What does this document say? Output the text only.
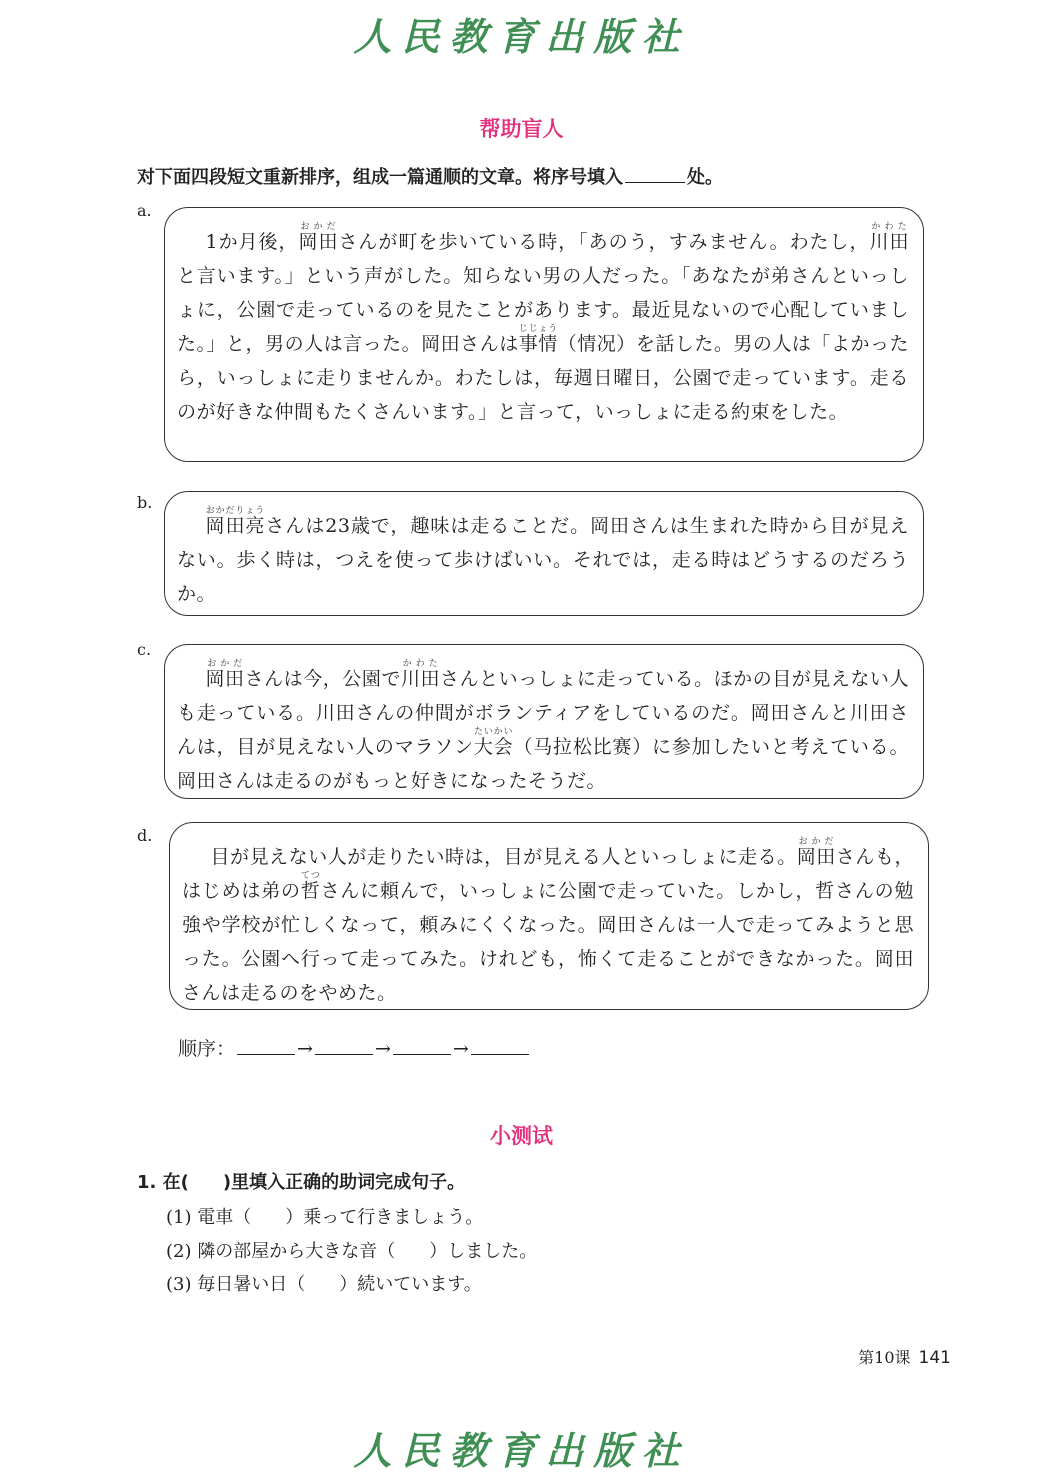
人民教育出版社
帮助盲人
对下面四段短文重新排序，组成一篇通顺的文章。将序号填入	处。
a.

1か月後，岡田おかださんが町を歩いている時，「あのう，すみません。わたし，川田かわたと言います。」という声がした。知らない男の人だった。「あなたが弟さんといっしょに，公園で走っているのを見たことがあります。最近見ないので心配していました。」と，男の人は言った。岡田さんは事情じじょう（情况）を話した。男の人は「よかったら，いっしょに走りませんか。わたしは，毎週日曜日，公園で走っています。走るのが好きな仲間もたくさんいます。」と言って，いっしょに走る約束をした。

b.

岡田亮おかだりょうさんは23歳で，趣味は走ることだ。岡田さんは生まれた時から目が見えない。歩く時は，つえを使って歩けばいい。それでは，走る時はどうするのだろうか。

c.

岡田おかださんは今，公園で川田かわたさんといっしょに走っている。ほかの目が見えない人も走っている。川田さんの仲間がボランティアをしているのだ。岡田さんと川田さんは，目が見えない人のマラソン大会たいかい（马拉松比赛）に参加したいと考えている。岡田さんは走るのがもっと好きになったそうだ。

d.

目が見えない人が走りたい時は，目が見える人といっしょに走る。岡田おかださんも，はじめは弟の哲てつさんに頼んで，いっしょに公園で走っていた。しかし，哲さんの勉強や学校が忙しくなって，頼みにくくなった。岡田さんは一人で走ってみようと思った。公園へ行って走ってみた。けれども，怖くて走ることができなかった。岡田さんは走るのをやめた。

顺序：	→	→	→
小测试
1. 在( )里填入正确的助词完成句子。
(1) 電車（ ）乗って行きましょう。
(2) 隣の部屋から大きな音（ ）しました。
(3) 毎日暑い日（ ）続いています。
第10课 141
人民教育出版社
